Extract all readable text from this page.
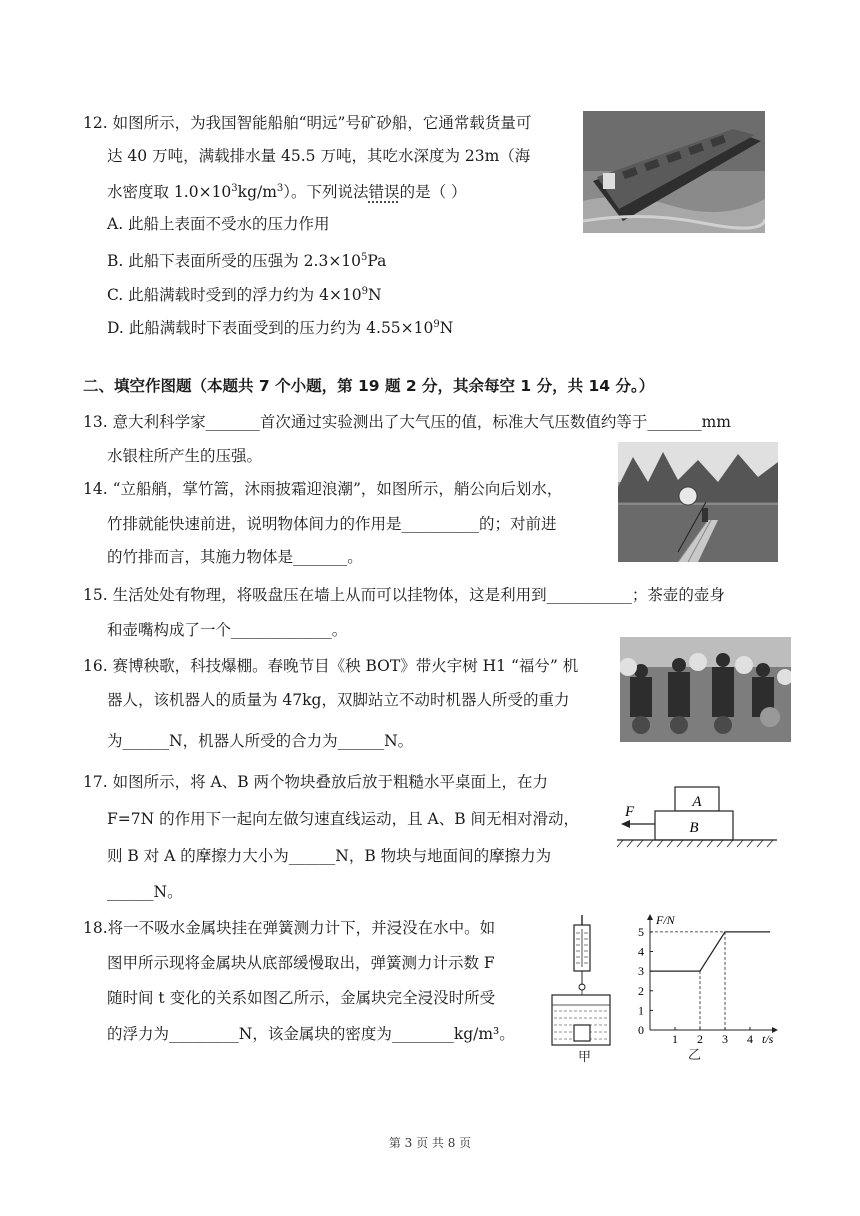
12. 如图所示，为我国智能船舶“明远”号矿砂船，它通常载货量可
达 40 万吨，满载排水量 45.5 万吨，其吃水深度为 23m（海
水密度取 $1.0\times 10^3kg/m^3$）。下列说法错误的是（ ）
A. 此船上表面不受水的压力作用
B. 此船下表面所受的压强为 $2.3\times 10^5Pa$
C. 此船满载时受到的浮力约为 $4\times 10^9N$
D. 此船满载时下表面受到的压力约为 $4.55\times 10^9N$
二、填空作图题（本题共 7 个小题，第 19 题 2 分，其余每空 1 分，共 14 分。）
13. 意大利科学家_______首次通过实验测出了大气压的值，标准大气压数值约等于_______mm
水银柱所产生的压强。
14. “立船艄，掌竹篙，沐雨披霜迎浪潮”，如图所示，艄公向后划水，
竹排就能快速前进，说明物体间力的作用是__________的；对前进
的竹排而言，其施力物体是_______。
15. 生活处处有物理，将吸盘压在墙上从而可以挂物体，这是利用到___________；茶壶的壶身
和壶嘴构成了一个_____________。
16. 赛博秧歌，科技爆棚。春晚节目《秧 BOT》带火宇树 H1 “福兮” 机
器人，该机器人的质量为 47kg，双脚站立不动时机器人所受的重力
为______N，机器人所受的合力为______N。
17. 如图所示，将 A、B 两个物块叠放后放于粗糙水平桌面上，在力
F=7N 的作用下一起向左做匀速直线运动，且 A、B 间无相对滑动，
则 B 对 A 的摩擦力大小为______N，B 物块与地面间的摩擦力为
______N。
A
B
F
18.将一不吸水金属块挂在弹簧测力计下，并浸没在水中。如
图甲所示现将金属块从底部缓慢取出，弹簧测力计示数 F
随时间 t 变化的关系如图乙所示，金属块完全浸没时所受
的浮力为_________N，该金属块的密度为________kg/m³。
甲
0
1
2
3
4
5
1 2 3 4
F/N
t/s
乙
第 3 页 共 8 页
